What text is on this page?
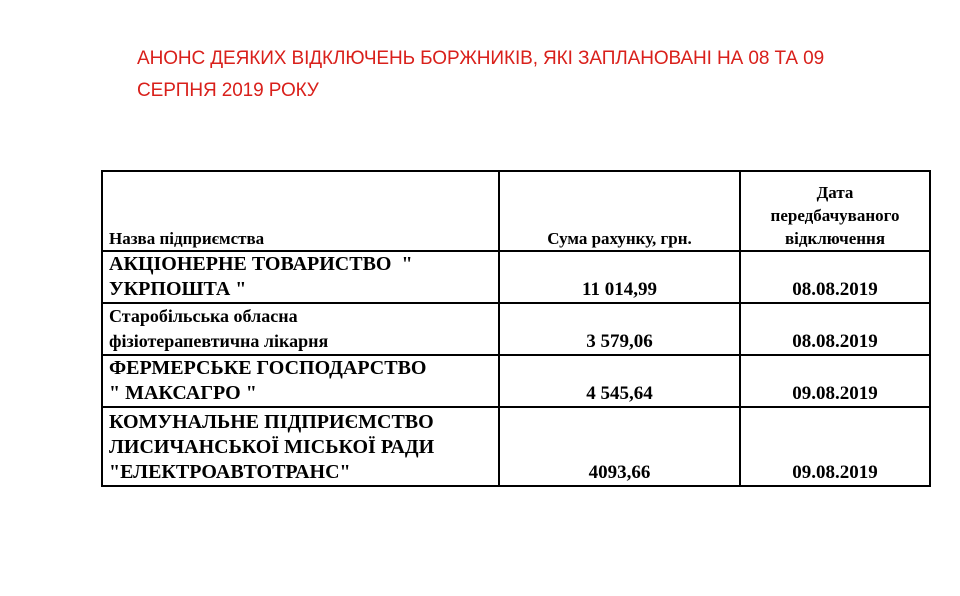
АНОНС ДЕЯКИХ ВІДКЛЮЧЕНЬ БОРЖНИКІВ, ЯКІ ЗАПЛАНОВАНІ НА 08 ТА 09
СЕРПНЯ 2019 РОКУ
Назва підприємства	Сума рахунку, грн.	Дата
передбачуваного
відключення

АКЦІОНЕРНЕ ТОВАРИСТВО  "
УКРПОШТА "	11 014,99	08.08.2019

Старобільська обласна
фізіотерапевтична лікарня	3 579,06	08.08.2019

ФЕРМЕРСЬКЕ ГОСПОДАРСТВО
" МАКСАГРО "	4 545,64	09.08.2019

КОМУНАЛЬНЕ ПІДПРИЄМСТВО
ЛИСИЧАНСЬКОЇ МІСЬКОЇ РАДИ
"ЕЛЕКТРОАВТОТРАНС"	4093,66	09.08.2019
